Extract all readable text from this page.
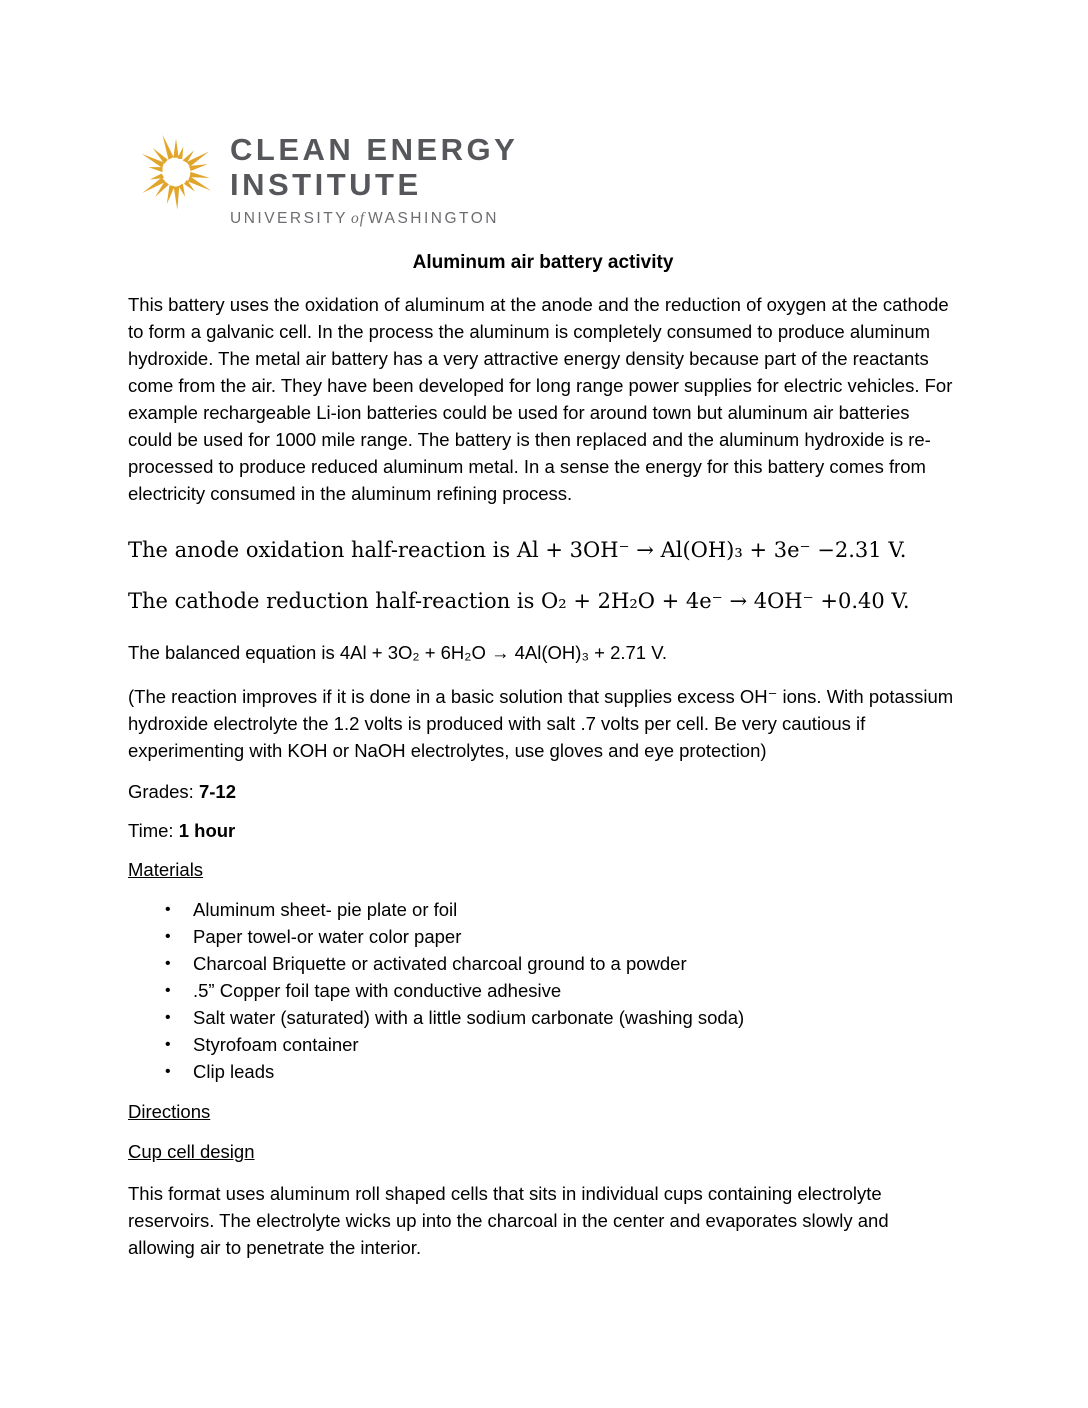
CLEAN ENERGY
INSTITUTE
UNIVERSITY of WASHINGTON
Aluminum air battery activity

This battery uses the oxidation of aluminum at the anode and the reduction of oxygen at the cathode to form a galvanic cell. In the process the aluminum is completely consumed to produce aluminum hydroxide. The metal air battery has a very attractive energy density because part of the reactants come from the air. They have been developed for long range power supplies for electric vehicles. For example rechargeable Li-ion batteries could be used for around town but aluminum air batteries could be used for 1000 mile range. The battery is then replaced and the aluminum hydroxide is re-processed to produce reduced aluminum metal. In a sense the energy for this battery comes from electricity consumed in the aluminum refining process.

The anode oxidation half-reaction is Al + 3OH⁻ → Al(OH)₃ + 3e⁻ −2.31 V.

The cathode reduction half-reaction is O₂ + 2H₂O + 4e⁻ → 4OH⁻ +0.40 V.

The balanced equation is 4Al + 3O₂ + 6H₂O → 4Al(OH)₃ + 2.71 V.

(The reaction improves if it is done in a basic solution that supplies excess OH⁻ ions. With potassium hydroxide electrolyte the 1.2 volts is produced with salt .7 volts per cell. Be very cautious if experimenting with KOH or NaOH electrolytes, use gloves and eye protection)

Grades: 7-12

Time: 1 hour

Materials

•	Aluminum sheet- pie plate or foil
•	Paper towel-or water color paper
•	Charcoal Briquette or activated charcoal ground to a powder
•	.5” Copper foil tape with conductive adhesive
•	Salt water (saturated) with a little sodium carbonate (washing soda)
•	Styrofoam container
•	Clip leads

Directions

Cup cell design

This format uses aluminum roll shaped cells that sits in individual cups containing electrolyte reservoirs. The electrolyte wicks up into the charcoal in the center and evaporates slowly and allowing air to penetrate the interior.
